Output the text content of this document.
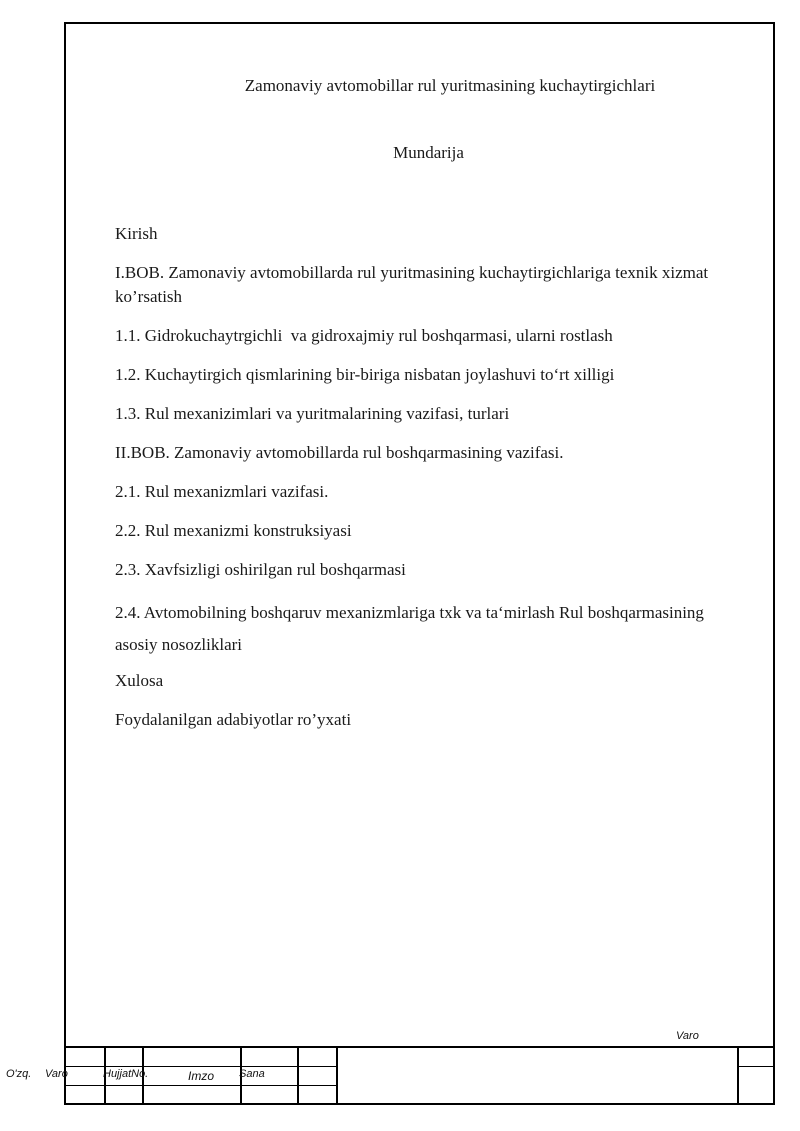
Zamonaviy avtomobillar rul yuritmasining kuchaytirgichlari
Mundarija
Kirish
I.BOB. Zamonaviy avtomobillarda rul yuritmasining kuchaytirgichlariga texnik xizmat ko’rsatish
1.1. Gidrokuchaytrgichli  va gidroxajmiy rul boshqarmasi, ularni rostlash
1.2. Kuchaytirgich qismlarining bir-biriga nisbatan joylashuvi to‘rt xilligi
1.3. Rul mexanizimlari va yuritmalarining vazifasi, turlari
II.BOB. Zamonaviy avtomobillarda rul boshqarmasining vazifasi.
2.1. Rul mexanizmlari vazifasi.
2.2. Rul mexanizmi konstruksiyasi
2.3. Xavfsizligi oshirilgan rul boshqarmasi
2.4. Avtomobilning boshqaruv mexanizmlariga txk va ta‘mirlash Rul boshqarmasining asosiy nosozliklari
Xulosa
Foydalanilgan adabiyotlar ro’yxati
Varo
O'zq. Varo	HujjatNo.	Imzo Sana
